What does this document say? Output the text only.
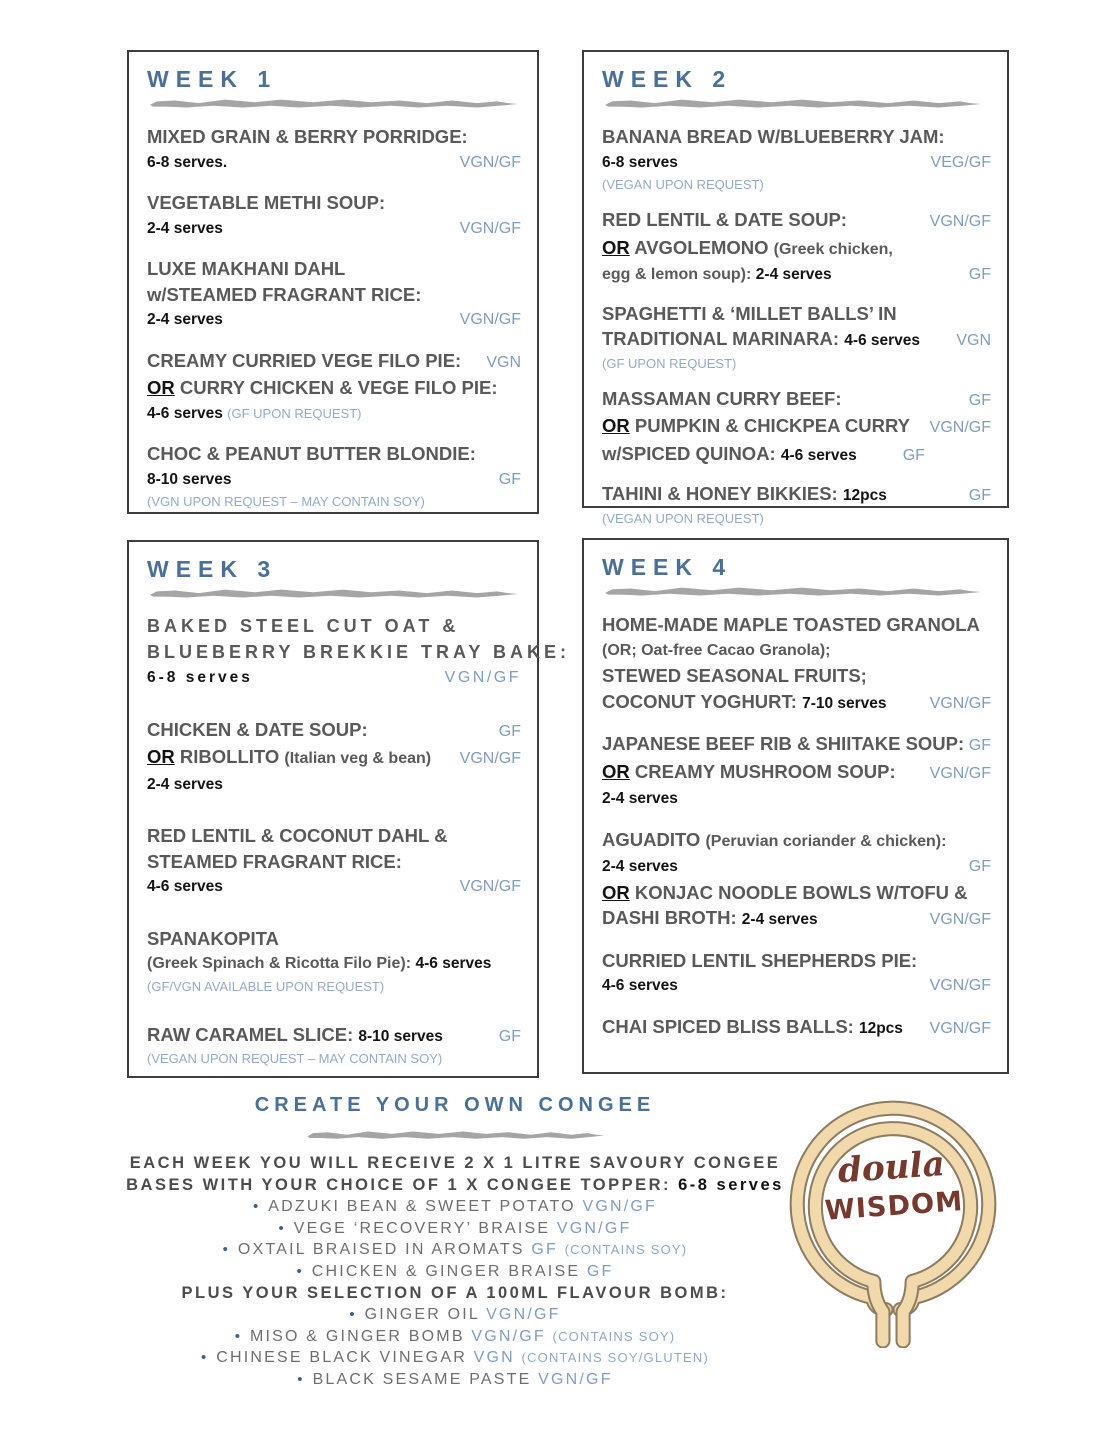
WEEK 1
MIXED GRAIN & BERRY PORRIDGE:
6-8 serves.	VGN/GF
VEGETABLE METHI SOUP:
2-4 serves	VGN/GF
LUXE MAKHANI DAHL
w/STEAMED FRAGRANT RICE:
2-4 serves	VGN/GF
CREAMY CURRIED VEGE FILO PIE: VGN
OR CURRY CHICKEN & VEGE FILO PIE:
4-6 serves (GF UPON REQUEST)
CHOC & PEANUT BUTTER BLONDIE:
8-10 serves	GF
(VGN UPON REQUEST – MAY CONTAIN SOY)
WEEK 2
BANANA BREAD W/BLUEBERRY JAM:
6-8 serves	VEG/GF
(VEGAN UPON REQUEST)
RED LENTIL & DATE SOUP:	VGN/GF
OR AVGOLEMONO (Greek chicken,
egg & lemon soup): 2-4 serves	GF
SPAGHETTI & ‘MILLET BALLS’ IN
TRADITIONAL MARINARA: 4-6 serves VGN
(GF UPON REQUEST)
MASSAMAN CURRY BEEF:	GF
OR PUMPKIN & CHICKPEA CURRY VGN/GF
w/SPICED QUINOA: 4-6 serves	GF
TAHINI & HONEY BIKKIES: 12pcs	GF
(VEGAN UPON REQUEST)
WEEK 3
BAKED STEEL CUT OAT &
BLUEBERRY BREKKIE TRAY BAKE:
6-8 serves	VGN/GF
CHICKEN & DATE SOUP:	GF
OR RIBOLLITO (Italian veg & bean) VGN/GF
2-4 serves
RED LENTIL & COCONUT DAHL &
STEAMED FRAGRANT RICE:
4-6 serves	VGN/GF
SPANAKOPITA
(Greek Spinach & Ricotta Filo Pie): 4-6 serves
(GF/VGN AVAILABLE UPON REQUEST)
RAW CARAMEL SLICE: 8-10 serves	GF
(VEGAN UPON REQUEST – MAY CONTAIN SOY)
WEEK 4
HOME-MADE MAPLE TOASTED GRANOLA
(OR; Oat-free Cacao Granola);
STEWED SEASONAL FRUITS;
COCONUT YOGHURT: 7-10 serves	VGN/GF
JAPANESE BEEF RIB & SHIITAKE SOUP: GF
OR CREAMY MUSHROOM SOUP: VGN/GF
2-4 serves
AGUADITO (Peruvian coriander & chicken):
2-4 serves	GF
OR KONJAC NOODLE BOWLS W/TOFU &
DASHI BROTH: 2-4 serves	VGN/GF
CURRIED LENTIL SHEPHERDS PIE:
4-6 serves	VGN/GF
CHAI SPICED BLISS BALLS: 12pcs VGN/GF
CREATE YOUR OWN CONGEE
EACH WEEK YOU WILL RECEIVE 2 X 1 LITRE SAVOURY CONGEE
BASES WITH YOUR CHOICE OF 1 X CONGEE TOPPER: 6-8 serves
• ADZUKI BEAN & SWEET POTATO VGN/GF
• VEGE ‘RECOVERY’ BRAISE VGN/GF
• OXTAIL BRAISED IN AROMATS GF (CONTAINS SOY)
• CHICKEN & GINGER BRAISE GF
PLUS YOUR SELECTION OF A 100ML FLAVOUR BOMB:
• GINGER OIL VGN/GF
• MISO & GINGER BOMB VGN/GF (CONTAINS SOY)
• CHINESE BLACK VINEGAR VGN (CONTAINS SOY/GLUTEN)
• BLACK SESAME PASTE VGN/GF
doula
WISDOM
